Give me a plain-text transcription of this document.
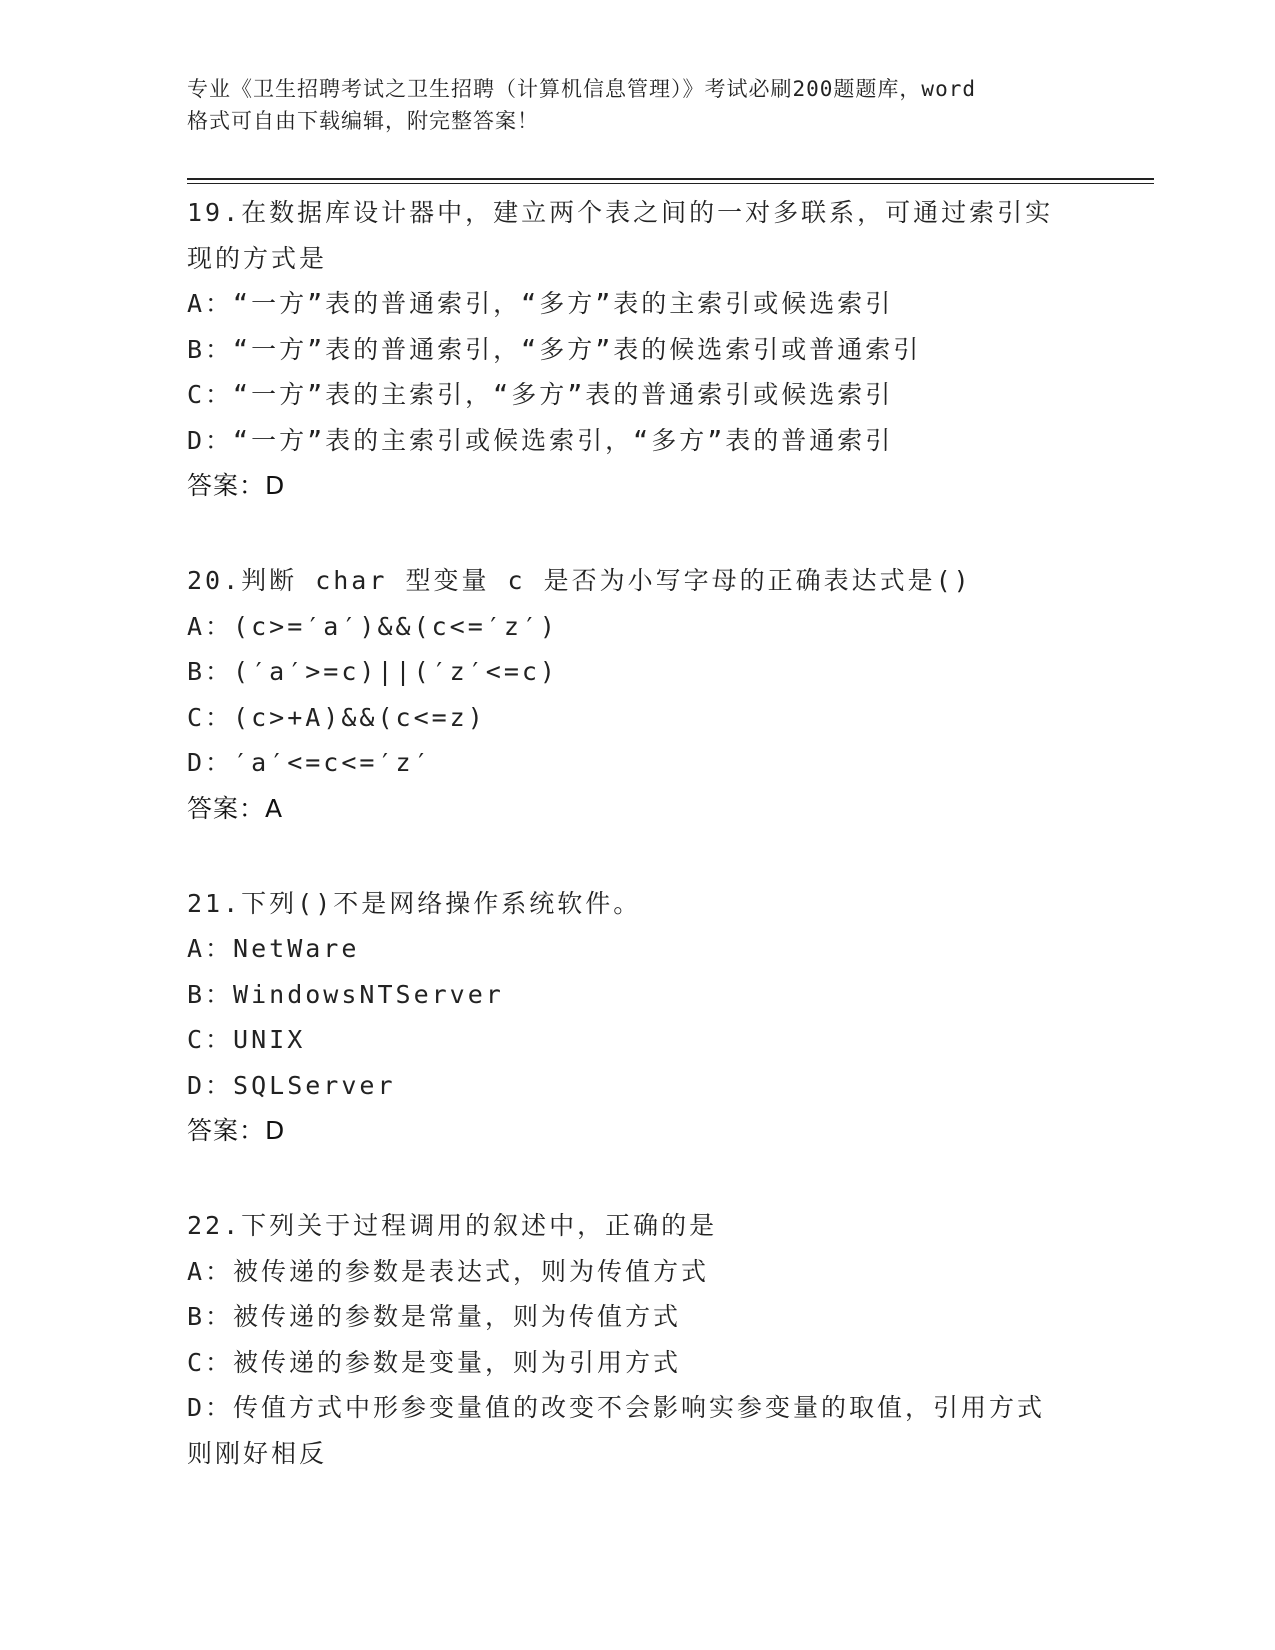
专业《卫生招聘考试之卫生招聘（计算机信息管理）》考试必刷200题题库，word
格式可自由下载编辑，附完整答案！
19.在数据库设计器中，建立两个表之间的一对多联系，可通过索引实
现的方式是
A：“一方”表的普通索引，“多方”表的主索引或候选索引
B：“一方”表的普通索引，“多方”表的候选索引或普通索引
C：“一方”表的主索引，“多方”表的普通索引或候选索引
D：“一方”表的主索引或候选索引，“多方”表的普通索引
答案：D
20.判断 char 型变量 c 是否为小写字母的正确表达式是()
A：(c>=′a′)&&(c<=′z′)
B：(′a′>=c)||(′z′<=c)
C：(c>+A)&&(c<=z)
D：′a′<=c<=′z′
答案：A
21.下列()不是网络操作系统软件。
A：NetWare
B：WindowsNTServer
C：UNIX
D：SQLServer
答案：D
22.下列关于过程调用的叙述中，正确的是
A：被传递的参数是表达式，则为传值方式
B：被传递的参数是常量，则为传值方式
C：被传递的参数是变量，则为引用方式
D：传值方式中形参变量值的改变不会影响实参变量的取值，引用方式
则刚好相反
